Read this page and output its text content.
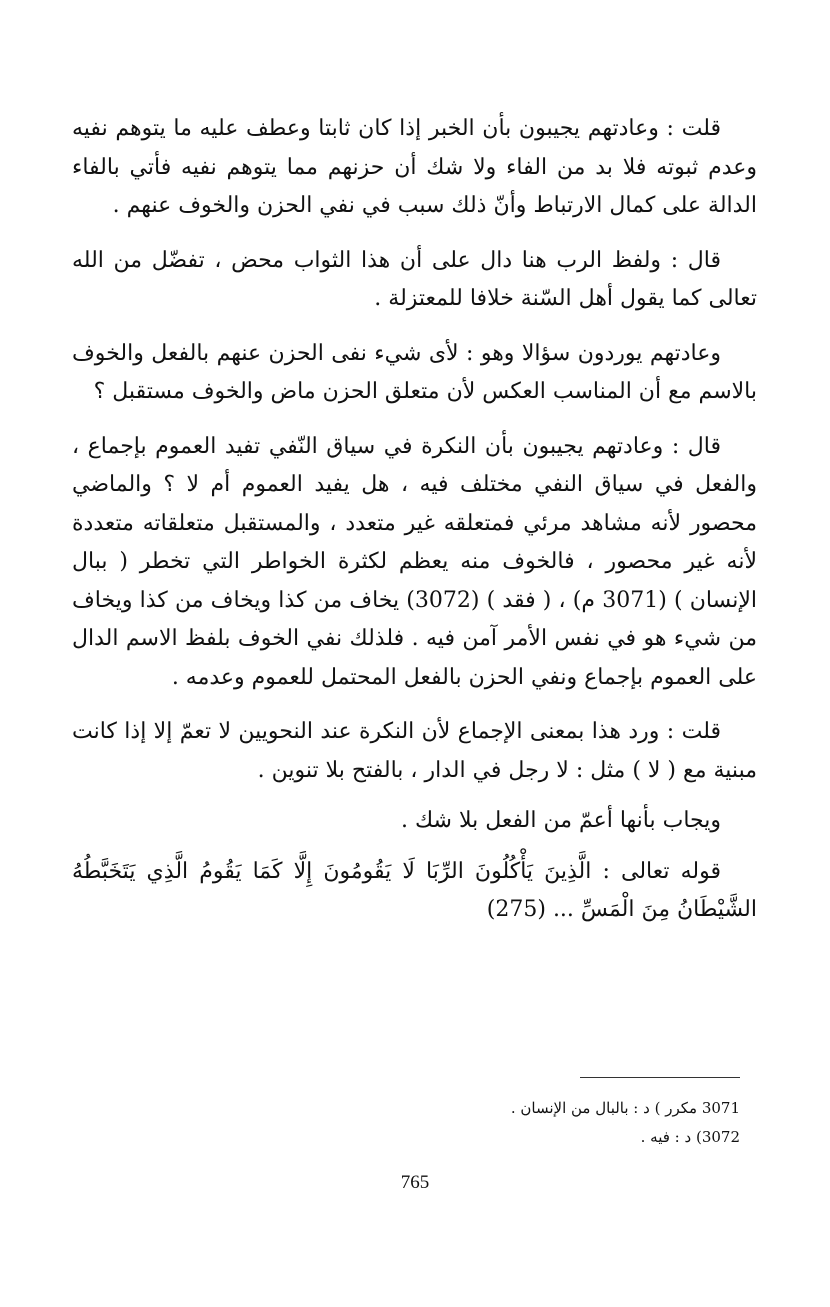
قلت : وعادتهم يجيبون بأن الخبر إذا كان ثابتا وعطف عليه ما يتوهم نفيه وعدم ثبوته فلا بد من الفاء ولا شك أن حزنهم مما يتوهم نفيه فأتي بالفاء الدالة على كمال الارتباط وأنّ ذلك سبب في نفي الحزن والخوف عنهم .

قال : ولفظ الرب هنا دال على أن هذا الثواب محض ، تفضّل من الله تعالى كما يقول أهل السّنة خلافا للمعتزلة .

وعادتهم يوردون سؤالا وهو : لأى شيء نفى الحزن عنهم بالفعل والخوف بالاسم مع أن المناسب العكس لأن متعلق الحزن ماض والخوف مستقبل ؟

قال : وعادتهم يجيبون بأن النكرة في سياق النّفي تفيد العموم بإجماع ، والفعل في سياق النفي مختلف فيه ، هل يفيد العموم أم لا ؟ والماضي محصور لأنه مشاهد مرئي فمتعلقه غير متعدد ، والمستقبل متعلقاته متعددة لأنه غير محصور ، فالخوف منه يعظم لكثرة الخواطر التي تخطر ( ببال الإنسان ) (3071 م) ، ( فقد ) (3072) يخاف من كذا ويخاف من كذا ويخاف من شيء هو في نفس الأمر آمن فيه . فلذلك نفي الخوف بلفظ الاسم الدال على العموم بإجماع ونفي الحزن بالفعل المحتمل للعموم وعدمه .

قلت : ورد هذا بمعنى الإجماع لأن النكرة عند النحويين لا تعمّ إلا إذا كانت مبنية مع ( لا ) مثل : لا رجل في الدار ، بالفتح بلا تنوين .

ويجاب بأنها أعمّ من الفعل بلا شك .

قوله تعالى : الَّذِينَ يَأْكُلُونَ الرِّبَا لَا يَقُومُونَ إِلَّا كَمَا يَقُومُ الَّذِي يَتَخَبَّطُهُ الشَّيْطَانُ مِنَ الْمَسِّ ... (275)

3071 مكرر ) د : بالبال من الإنسان .

3072) د : فيه .

765
